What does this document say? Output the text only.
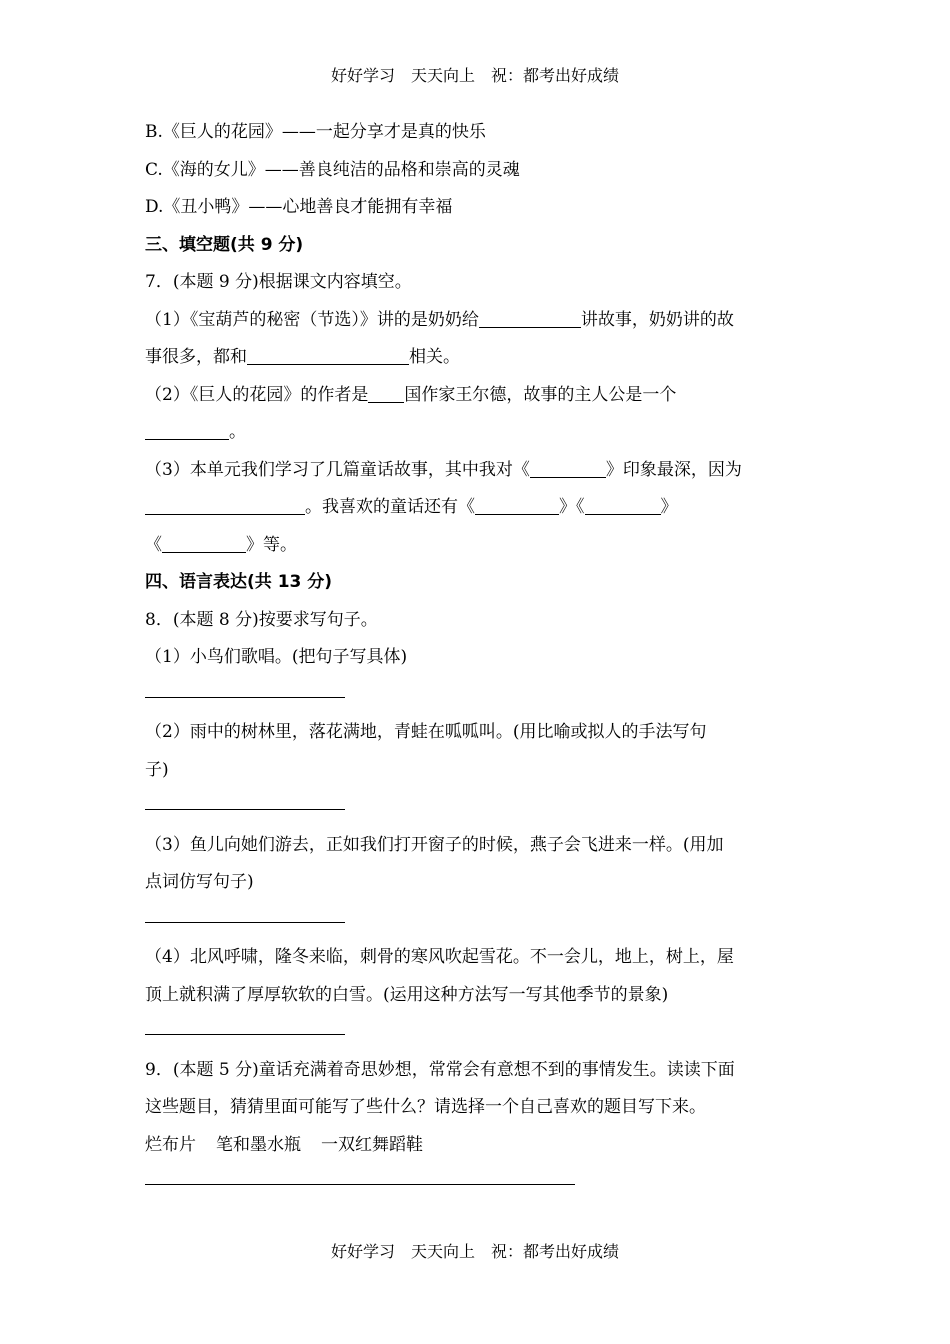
好好学习　天天向上　祝：都考出好成绩
B.《巨人的花园》——一起分享才是真的快乐
C.《海的女儿》——善良纯洁的品格和崇高的灵魂
D.《丑小鸭》——心地善良才能拥有幸福
三、填空题(共 9 分)
7．(本题 9 分)根据课文内容填空。
（1）《宝葫芦的秘密（节选）》讲的是奶奶给	讲故事，奶奶讲的故
事很多，都和	相关。
（2）《巨人的花园》的作者是 国作家王尔德，故事的主人公是一个
。
（3）本单元我们学习了几篇童话故事，其中我对《	》印象最深，因为
。我喜欢的童话还有《	》《	》
《	》等。
四、语言表达(共 13 分)
8．(本题 8 分)按要求写句子。
（1）小鸟们歌唱。(把句子写具体)
（2）雨中的树林里，落花满地，青蛙在呱呱叫。(用比喻或拟人的手法写句
子)
（3）鱼儿向她们游去，正如我们打开窗子的时候，燕子会飞进来一样。(用加
点词仿写句子)
（4）北风呼啸，隆冬来临，刺骨的寒风吹起雪花。不一会儿，地上，树上，屋
顶上就积满了厚厚软软的白雪。(运用这种方法写一写其他季节的景象)
9．(本题 5 分)童话充满着奇思妙想，常常会有意想不到的事情发生。读读下面
这些题目，猜猜里面可能写了些什么？请选择一个自己喜欢的题目写下来。
烂布片 笔和墨水瓶 一双红舞蹈鞋
好好学习　天天向上　祝：都考出好成绩
